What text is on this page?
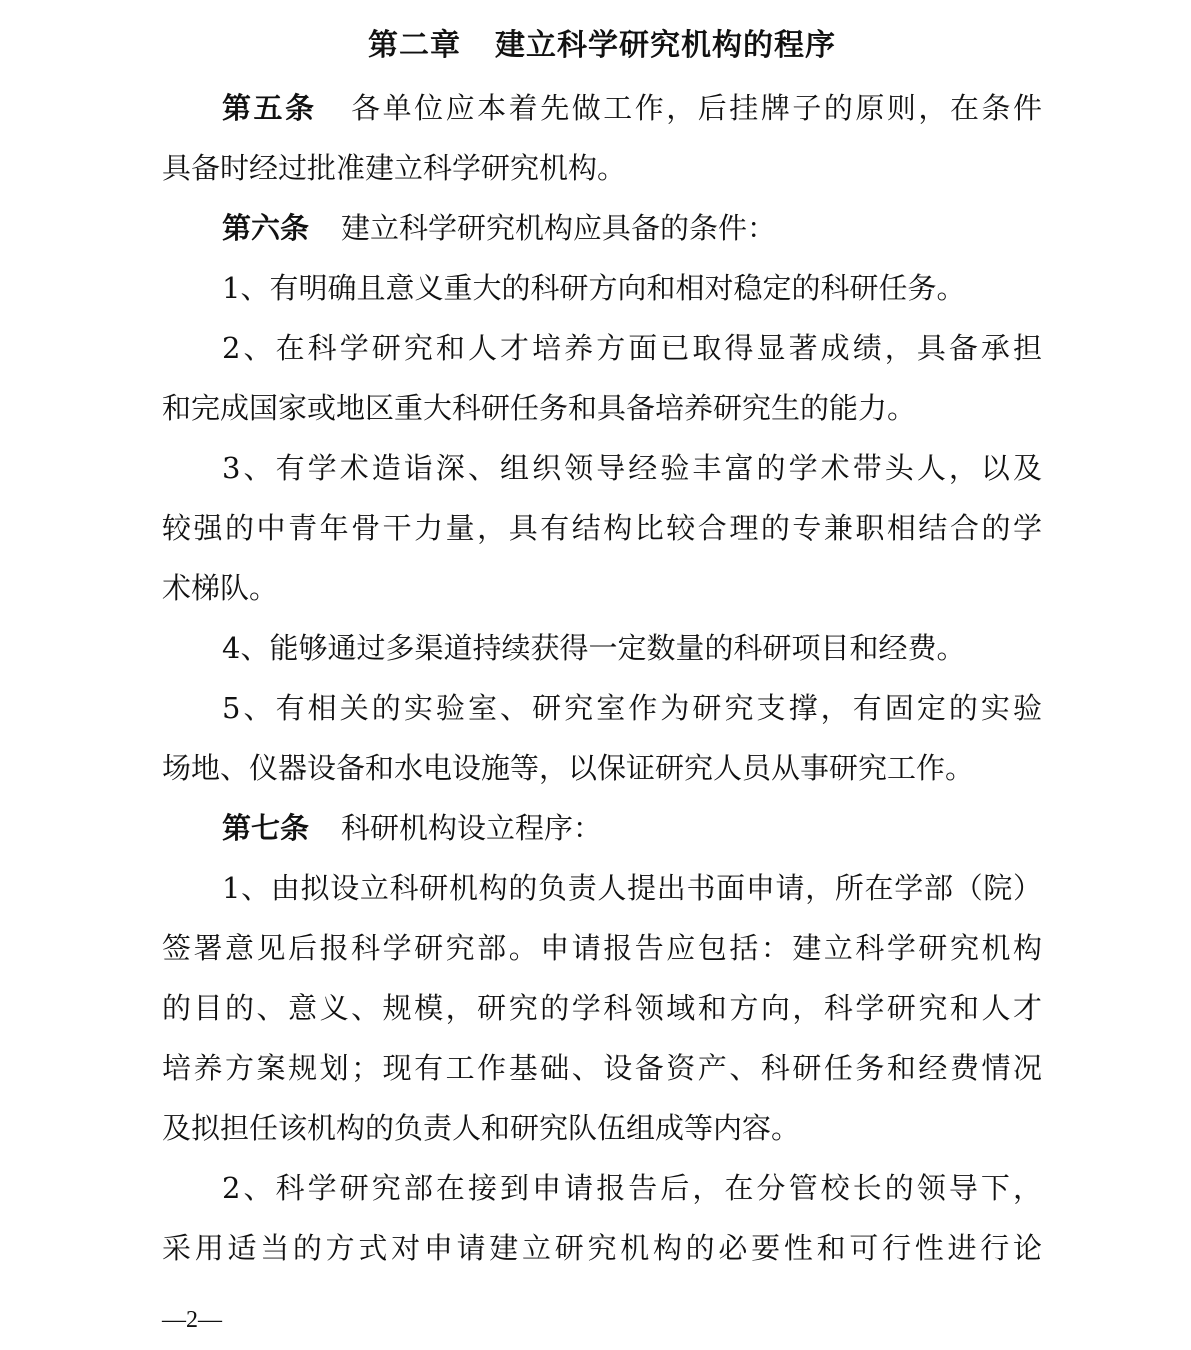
第二章 建立科学研究机构的程序
第五条 各单位应本着先做工作，后挂牌子的原则，在条件
具备时经过批准建立科学研究机构。
第六条 建立科学研究机构应具备的条件：
1、有明确且意义重大的科研方向和相对稳定的科研任务。
2、在科学研究和人才培养方面已取得显著成绩，具备承担
和完成国家或地区重大科研任务和具备培养研究生的能力。
3、有学术造诣深、组织领导经验丰富的学术带头人，以及
较强的中青年骨干力量，具有结构比较合理的专兼职相结合的学
术梯队。
4、能够通过多渠道持续获得一定数量的科研项目和经费。
5、有相关的实验室、研究室作为研究支撑，有固定的实验
场地、仪器设备和水电设施等，以保证研究人员从事研究工作。
第七条 科研机构设立程序：
1、由拟设立科研机构的负责人提出书面申请，所在学部（院）
签署意见后报科学研究部。申请报告应包括：建立科学研究机构
的目的、意义、规模，研究的学科领域和方向，科学研究和人才
培养方案规划；现有工作基础、设备资产、科研任务和经费情况
及拟担任该机构的负责人和研究队伍组成等内容。
2、科学研究部在接到申请报告后，在分管校长的领导下，
采用适当的方式对申请建立研究机构的必要性和可行性进行论
—2—
